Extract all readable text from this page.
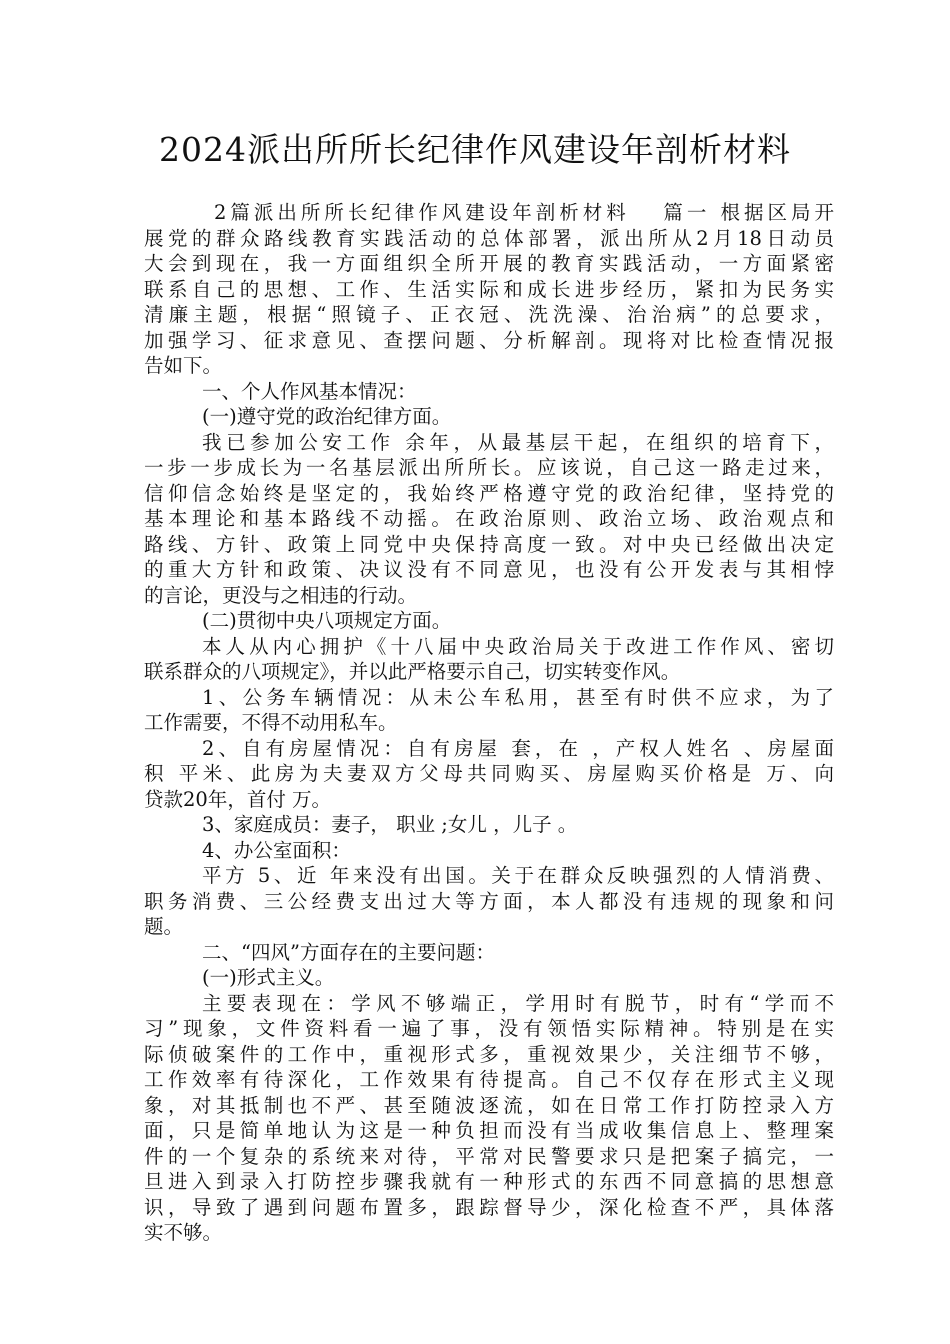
2024派出所所长纪律作风建设年剖析材料
2篇派出所所长纪律作风建设年剖析材料　 篇一 根据区局开
展党的群众路线教育实践活动的总体部署，派出所从2月18日动员
大会到现在，我一方面组织全所开展的教育实践活动，一方面紧密
联系自己的思想、工作、生活实际和成长进步经历，紧扣为民务实
清廉主题，根据“照镜子、正衣冠、洗洗澡、治治病”的总要求，
加强学习、征求意见、查摆问题、分析解剖。现将对比检查情况报
告如下。
一、个人作风基本情况：
(一)遵守党的政治纪律方面。
我已参加公安工作 余年，从最基层干起，在组织的培育下，
一步一步成长为一名基层派出所所长。应该说，自己这一路走过来，
信仰信念始终是坚定的，我始终严格遵守党的政治纪律，坚持党的
基本理论和基本路线不动摇。在政治原则、政治立场、政治观点和
路线、方针、政策上同党中央保持高度一致。对中央已经做出决定
的重大方针和政策、决议没有不同意见，也没有公开发表与其相悖
的言论，更没与之相违的行动。
(二)贯彻中央八项规定方面。
本人从内心拥护《十八届中央政治局关于改进工作作风、密切
联系群众的八项规定》，并以此严格要示自己，切实转变作风。
1、公务车辆情况：从未公车私用，甚至有时供不应求，为了
工作需要，不得不动用私车。
2、自有房屋情况：自有房屋 套，在 ，产权人姓名 、房屋面
积 平米、此房为夫妻双方父母共同购买、房屋购买价格是 万、向
贷款20年，首付 万。
3、家庭成员：妻子， 职业 ;女儿 ，儿子 。
4、办公室面积：
平方 5、近 年来没有出国。关于在群众反映强烈的人情消费、
职务消费、三公经费支出过大等方面，本人都没有违规的现象和问
题。
二、“四风”方面存在的主要问题：
(一)形式主义。
主要表现在：学风不够端正，学用时有脱节，时有“学而不
习”现象，文件资料看一遍了事，没有领悟实际精神。特别是在实
际侦破案件的工作中，重视形式多，重视效果少，关注细节不够，
工作效率有待深化，工作效果有待提高。自己不仅存在形式主义现
象，对其抵制也不严、甚至随波逐流，如在日常工作打防控录入方
面，只是简单地认为这是一种负担而没有当成收集信息上、整理案
件的一个复杂的系统来对待，平常对民警要求只是把案子搞完，一
旦进入到录入打防控步骤我就有一种形式的东西不同意搞的思想意
识，导致了遇到问题布置多，跟踪督导少，深化检查不严，具体落
实不够。
